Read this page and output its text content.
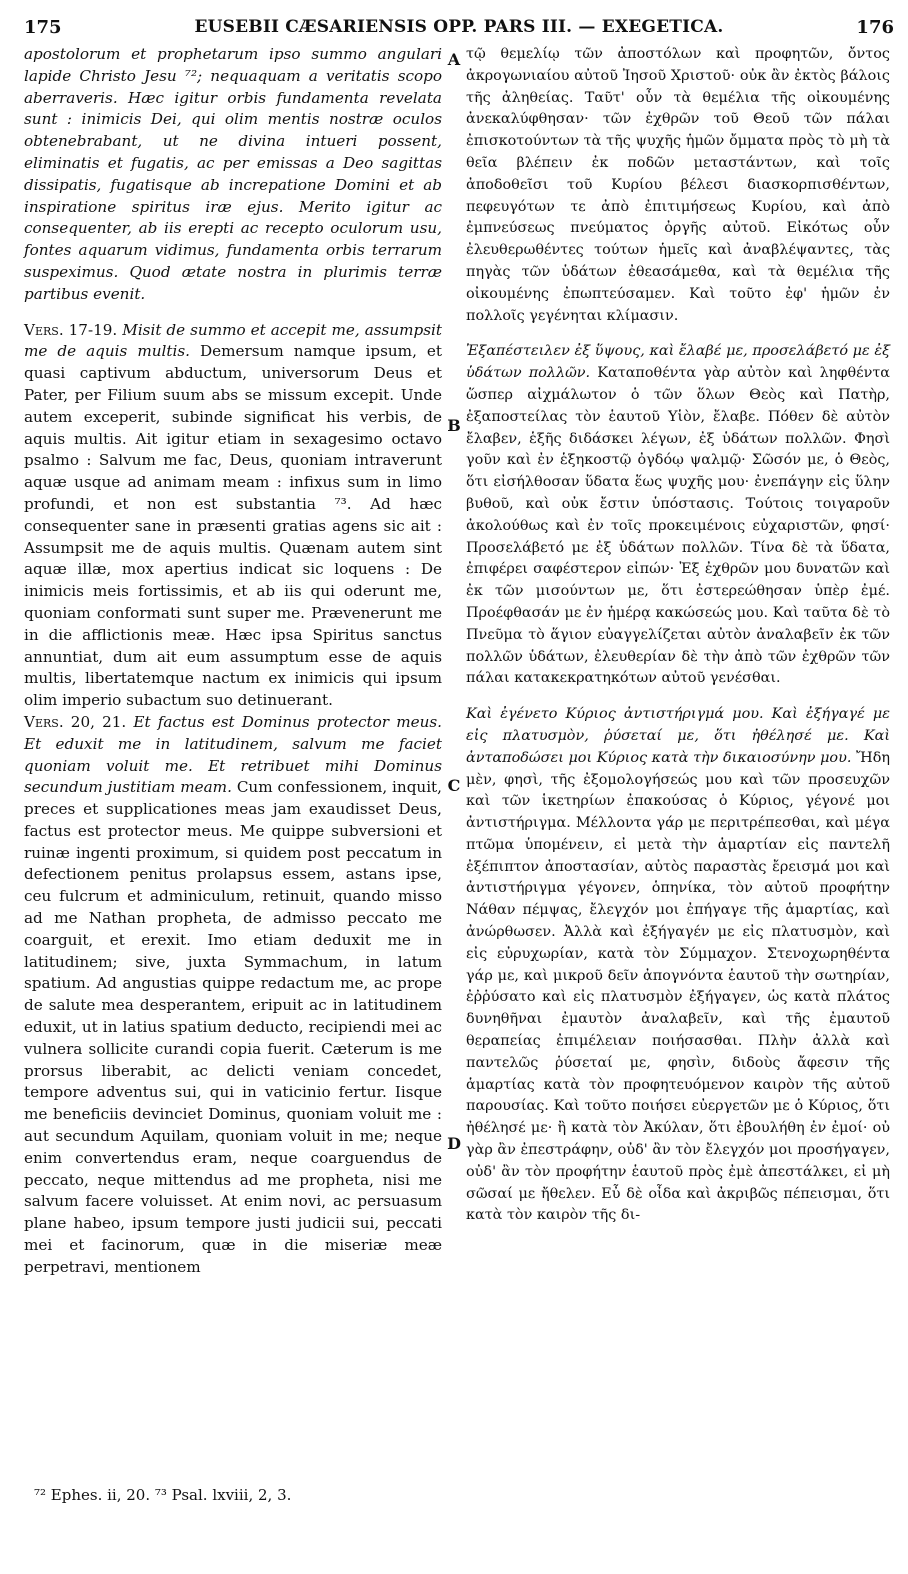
175	EUSEBII CÆSARIENSIS OPP. PARS III. — EXEGETICA.	176

apostolorum et prophetarum ipso summo angulari lapide Christo Jesu ⁷²; nequaquam a veritatis scopo aberraveris. Hæc igitur orbis fundamenta revelata sunt : inimicis Dei, qui olim mentis nostræ oculos obtenebrabant, ut ne divina intueri possent, eliminatis et fugatis, ac per emissas a Deo sagittas dissipatis, fugatisque ab increpatione Domini et ab inspiratione spiritus iræ ejus. Merito igitur ac consequenter, ab iis erepti ac recepto oculorum usu, fontes aquarum vidimus, fundamenta orbis terrarum suspeximus. Quod ætate nostra in plurimis terræ partibus evenit.

Vers. 17-19. Misit de summo et accepit me, assumpsit me de aquis multis. Demersum namque ipsum, et quasi captivum abductum, universorum Deus et Pater, per Filium suum abs se missum excepit. Unde autem exceperit, subinde significat his verbis, de aquis multis. Ait igitur etiam in sexagesimo octavo psalmo : Salvum me fac, Deus, quoniam intraverunt aquæ usque ad animam meam : infixus sum in limo profundi, et non est substantia ⁷³. Ad hæc consequenter sane in præsenti gratias agens sic ait : Assumpsit me de aquis multis. Quænam autem sint aquæ illæ, mox apertius indicat sic loquens : De inimicis meis fortissimis, et ab iis qui oderunt me, quoniam conformati sunt super me. Prævenerunt me in die afflictionis meæ. Hæc ipsa Spiritus sanctus annuntiat, dum ait eum assumptum esse de aquis multis, libertatemque nactum ex inimicis qui ipsum olim imperio subactum suo detinuerant.

Vers. 20, 21. Et factus est Dominus protector meus. Et eduxit me in latitudinem, salvum me faciet quoniam voluit me. Et retribuet mihi Dominus secundum justitiam meam. Cum confessionem, inquit, preces et supplicationes meas jam exaudisset Deus, factus est protector meus. Me quippe subversioni et ruinæ ingenti proximum, si quidem post peccatum in defectionem penitus prolapsus essem, astans ipse, ceu fulcrum et adminiculum, retinuit, quando misso ad me Nathan propheta, de admisso peccato me coarguit, et erexit. Imo etiam deduxit me in latitudinem; sive, juxta Symmachum, in latum spatium. Ad angustias quippe redactum me, ac prope de salute mea desperantem, eripuit ac in latitudinem eduxit, ut in latius spatium deducto, recipiendi mei ac vulnera sollicite curandi copia fuerit. Cæterum is me prorsus liberabit, ac delicti veniam concedet, tempore adventus sui, qui in vaticinio fertur. Iisque me beneficiis devinciet Dominus, quoniam voluit me : aut secundum Aquilam, quoniam voluit in me; neque enim convertendus eram, neque coarguendus de peccato, neque mittendus ad me propheta, nisi me salvum facere voluisset. At enim novi, ac persuasum plane habeo, ipsum tempore justi judicii sui, peccati mei et facinorum, quæ in die miseriæ meæ perpetravi, mentionem

A
B
C
D

τῷ θεμελίῳ τῶν ἀποστόλων καὶ προφητῶν, ὄντος ἀκρογωνιαίου αὐτοῦ Ἰησοῦ Χριστοῦ· οὐκ ἂν ἐκτὸς βάλοις τῆς ἀληθείας. Ταῦτ' οὖν τὰ θεμέλια τῆς οἰκουμένης ἀνεκαλύφθησαν· τῶν ἐχθρῶν τοῦ Θεοῦ τῶν πάλαι ἐπισκοτούντων τὰ τῆς ψυχῆς ἡμῶν ὄμματα πρὸς τὸ μὴ τὰ θεῖα βλέπειν ἐκ ποδῶν μεταστάντων, καὶ τοῖς ἀποδοθεῖσι τοῦ Κυρίου βέλεσι διασκορπισθέντων, πεφευγότων τε ἀπὸ ἐπιτιμήσεως Κυρίου, καὶ ἀπὸ ἐμπνεύσεως πνεύματος ὀργῆς αὐτοῦ. Εἰκότως οὖν ἐλευθερωθέντες τούτων ἡμεῖς καὶ ἀναβλέψαντες, τὰς πηγὰς τῶν ὑδάτων ἐθεασάμεθα, καὶ τὰ θεμέλια τῆς οἰκουμένης ἐπωπτεύσαμεν. Καὶ τοῦτο ἐφ' ἡμῶν ἐν πολλοῖς γεγένηται κλίμασιν.

Ἐξαπέστειλεν ἐξ ὕψους, καὶ ἔλαβέ με, προσελάβετό με ἐξ ὑδάτων πολλῶν. Καταποθέντα γὰρ αὐτὸν καὶ ληφθέντα ὥσπερ αἰχμάλωτον ὁ τῶν ὅλων Θεὸς καὶ Πατὴρ, ἐξαποστείλας τὸν ἑαυτοῦ Υἱὸν, ἔλαβε. Πόθεν δὲ αὐτὸν ἔλαβεν, ἑξῆς διδάσκει λέγων, ἐξ ὑδάτων πολλῶν. Φησὶ γοῦν καὶ ἐν ἑξηκοστῷ ὀγδόῳ ψαλμῷ· Σῶσόν με, ὁ Θεὸς, ὅτι εἰσήλθοσαν ὕδατα ἕως ψυχῆς μου· ἐνεπάγην εἰς ὕλην βυθοῦ, καὶ οὐκ ἔστιν ὑπόστασις. Τούτοις τοιγαροῦν ἀκολούθως καὶ ἐν τοῖς προκειμένοις εὐχαριστῶν, φησί· Προσελάβετό με ἐξ ὑδάτων πολλῶν. Τίνα δὲ τὰ ὕδατα, ἐπιφέρει σαφέστερον εἰπών· Ἐξ ἐχθρῶν μου δυνατῶν καὶ ἐκ τῶν μισούντων με, ὅτι ἐστερεώθησαν ὑπὲρ ἐμέ. Προέφθασάν με ἐν ἡμέρᾳ κακώσεώς μου. Καὶ ταῦτα δὲ τὸ Πνεῦμα τὸ ἅγιον εὐαγγελίζεται αὐτὸν ἀναλαβεῖν ἐκ τῶν πολλῶν ὑδάτων, ἐλευθερίαν δὲ τὴν ἀπὸ τῶν ἐχθρῶν τῶν πάλαι κατακεκρατηκότων αὐτοῦ γενέσθαι.

Καὶ ἐγένετο Κύριος ἀντιστήριγμά μου. Καὶ ἐξήγαγέ με εἰς πλατυσμὸν, ῥύσεταί με, ὅτι ἠθέλησέ με. Καὶ ἀνταποδώσει μοι Κύριος κατὰ τὴν δικαιοσύνην μου. Ἤδη μὲν, φησὶ, τῆς ἐξομολογήσεώς μου καὶ τῶν προσευχῶν καὶ τῶν ἱκετηρίων ἐπακούσας ὁ Κύριος, γέγονέ μοι ἀντιστήριγμα. Μέλλοντα γάρ με περιτρέπεσθαι, καὶ μέγα πτῶμα ὑπομένειν, εἰ μετὰ τὴν ἁμαρτίαν εἰς παντελῆ ἐξέπιπτον ἀποστασίαν, αὐτὸς παραστὰς ἔρεισμά μοι καὶ ἀντιστήριγμα γέγονεν, ὁπηνίκα, τὸν αὐτοῦ προφήτην Νάθαν πέμψας, ἔλεγχόν μοι ἐπήγαγε τῆς ἁμαρτίας, καὶ ἀνώρθωσεν. Ἀλλὰ καὶ ἐξήγαγέν με εἰς πλατυσμὸν, καὶ εἰς εὐρυχωρίαν, κατὰ τὸν Σύμμαχον. Στενοχωρηθέντα γάρ με, καὶ μικροῦ δεῖν ἀπογνόντα ἑαυτοῦ τὴν σωτηρίαν, ἐῤῥύσατο καὶ εἰς πλατυσμὸν ἐξήγαγεν, ὡς κατὰ πλάτος δυνηθῆναι ἐμαυτὸν ἀναλαβεῖν, καὶ τῆς ἐμαυτοῦ θεραπείας ἐπιμέλειαν ποιήσασθαι. Πλὴν ἀλλὰ καὶ παντελῶς ῥύσεταί με, φησὶν, διδοὺς ἄφεσιν τῆς ἁμαρτίας κατὰ τὸν προφητευόμενον καιρὸν τῆς αὐτοῦ παρουσίας. Καὶ τοῦτο ποιήσει εὐεργετῶν με ὁ Κύριος, ὅτι ἠθέλησέ με· ἢ κατὰ τὸν Ἀκύλαν, ὅτι ἐβουλήθη ἐν ἐμοί· οὐ γὰρ ἂν ἐπεστράφην, οὐδ' ἂν τὸν ἔλεγχόν μοι προσήγαγεν, οὐδ' ἂν τὸν προφήτην ἑαυτοῦ πρὸς ἐμὲ ἀπεστάλκει, εἰ μὴ σῶσαί με ἤθελεν. Εὖ δὲ οἶδα καὶ ἀκριβῶς πέπεισμαι, ὅτι κατὰ τὸν καιρὸν τῆς δι-

⁷² Ephes. ii, 20. ⁷³ Psal. lxviii, 2, 3.
